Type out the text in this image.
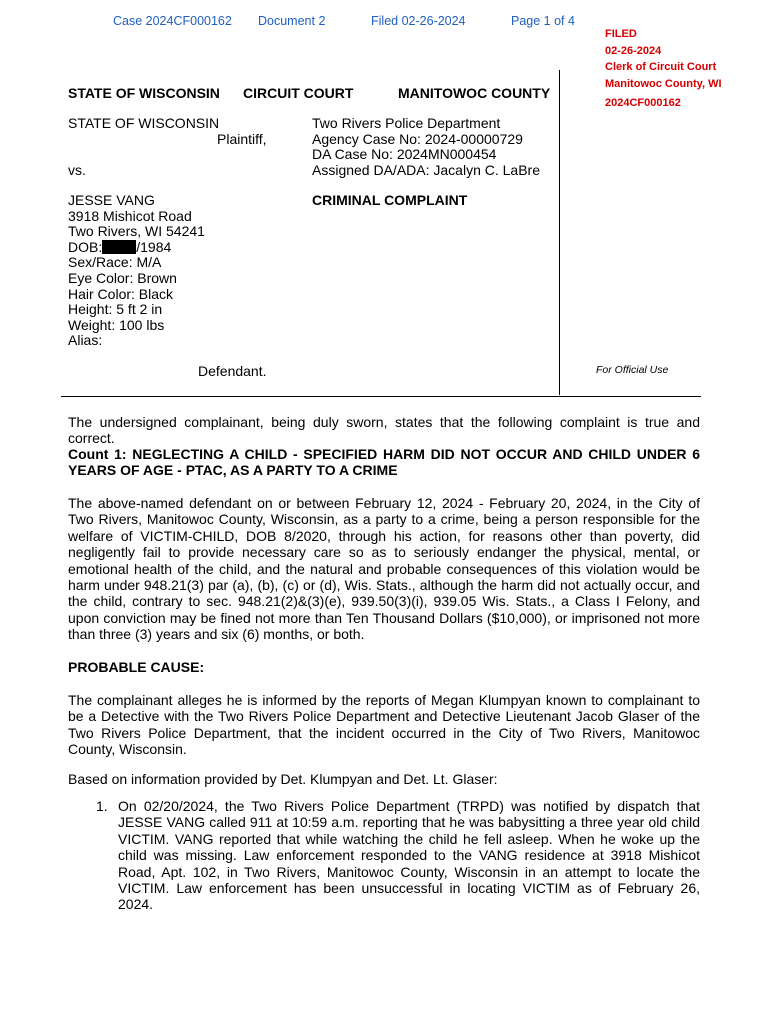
Case 2024CF000162 Document 2	Filed 02-26-2024	Page 1 of 4
FILED
02-26-2024
Clerk of Circuit Court
Manitowoc County, WI
2024CF000162
STATE OF WISCONSIN CIRCUIT COURT	MANITOWOC COUNTY
STATE OF WISCONSIN
Plaintiff,
vs.
JESSE VANG
3918 Mishicot Road
Two Rivers, WI 54241
DOB: /1984
Sex/Race: M/A
Eye Color: Brown
Hair Color: Black
Height: 5 ft 2 in
Weight: 100 lbs
Alias:
Defendant.
Two Rivers Police Department
Agency Case No: 2024-00000729
DA Case No: 2024MN000454
Assigned DA/ADA: Jacalyn C. LaBre
CRIMINAL COMPLAINT
For Official Use
The undersigned complainant, being duly sworn, states that the following complaint is true and correct.
Count 1: NEGLECTING A CHILD - SPECIFIED HARM DID NOT OCCUR AND CHILD UNDER 6 YEARS OF AGE - PTAC, AS A PARTY TO A CRIME
The above-named defendant on or between February 12, 2024 - February 20, 2024, in the City of Two Rivers, Manitowoc County, Wisconsin, as a party to a crime, being a person responsible for the welfare of VICTIM-CHILD, DOB 8/2020, through his action, for reasons other than poverty, did negligently fail to provide necessary care so as to seriously endanger the physical, mental, or emotional health of the child, and the natural and probable consequences of this violation would be harm under 948.21(3) par (a), (b), (c) or (d), Wis. Stats., although the harm did not actually occur, and the child, contrary to sec. 948.21(2)&(3)(e), 939.50(3)(i), 939.05 Wis. Stats., a Class I Felony, and upon conviction may be fined not more than Ten Thousand Dollars ($10,000), or imprisoned not more than three (3) years and six (6) months, or both.
PROBABLE CAUSE:
The complainant alleges he is informed by the reports of Megan Klumpyan known to complainant to be a Detective with the Two Rivers Police Department and Detective Lieutenant Jacob Glaser of the Two Rivers Police Department, that the incident occurred in the City of Two Rivers, Manitowoc County, Wisconsin.
Based on information provided by Det. Klumpyan and Det. Lt. Glaser:
1. On 02/20/2024, the Two Rivers Police Department (TRPD) was notified by dispatch that JESSE VANG called 911 at 10:59 a.m. reporting that he was babysitting a three year old child VICTIM. VANG reported that while watching the child he fell asleep. When he woke up the child was missing. Law enforcement responded to the VANG residence at 3918 Mishicot Road, Apt. 102, in Two Rivers, Manitowoc County, Wisconsin in an attempt to locate the VICTIM. Law enforcement has been unsuccessful in locating VICTIM as of February 26, 2024.
